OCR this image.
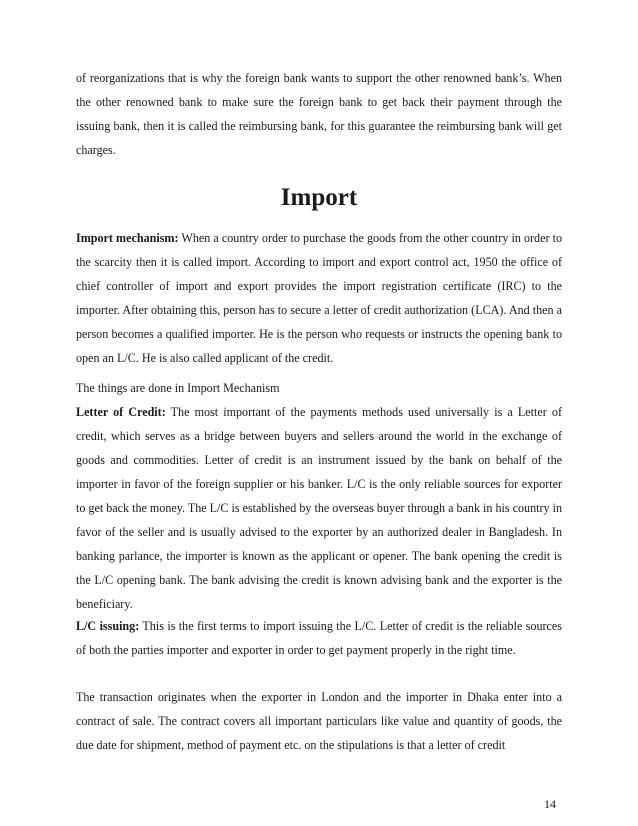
of reorganizations that is why the foreign bank wants to support the other renowned bank’s. When the other renowned bank to make sure the foreign bank to get back their payment through the issuing bank, then it is called the reimbursing bank, for this guarantee the reimbursing bank will get charges.

Import

Import mechanism: When a country order to purchase the goods from the other country in order to the scarcity then it is called import. According to import and export control act, 1950 the office of chief controller of import and export provides the import registration certificate (IRC) to the importer. After obtaining this, person has to secure a letter of credit authorization (LCA). And then a person becomes a qualified importer. He is the person who requests or instructs the opening bank to open an L/C. He is also called applicant of the credit.

The things are done in Import Mechanism

Letter of Credit: The most important of the payments methods used universally is a Letter of credit, which serves as a bridge between buyers and sellers around the world in the exchange of goods and commodities. Letter of credit is an instrument issued by the bank on behalf of the importer in favor of the foreign supplier or his banker. L/C is the only reliable sources for exporter to get back the money. The L/C is established by the overseas buyer through a bank in his country in favor of the seller and is usually advised to the exporter by an authorized dealer in Bangladesh. In banking parlance, the importer is known as the applicant or opener. The bank opening the credit is the L/C opening bank. The bank advising the credit is known advising bank and the exporter is the beneficiary.

L/C issuing: This is the first terms to import issuing the L/C. Letter of credit is the reliable sources of both the parties importer and exporter in order to get payment properly in the right time.

The transaction originates when the exporter in London and the importer in Dhaka enter into a contract of sale. The contract covers all important particulars like value and quantity of goods, the due date for shipment, method of payment etc. on the stipulations is that a letter of credit

14
